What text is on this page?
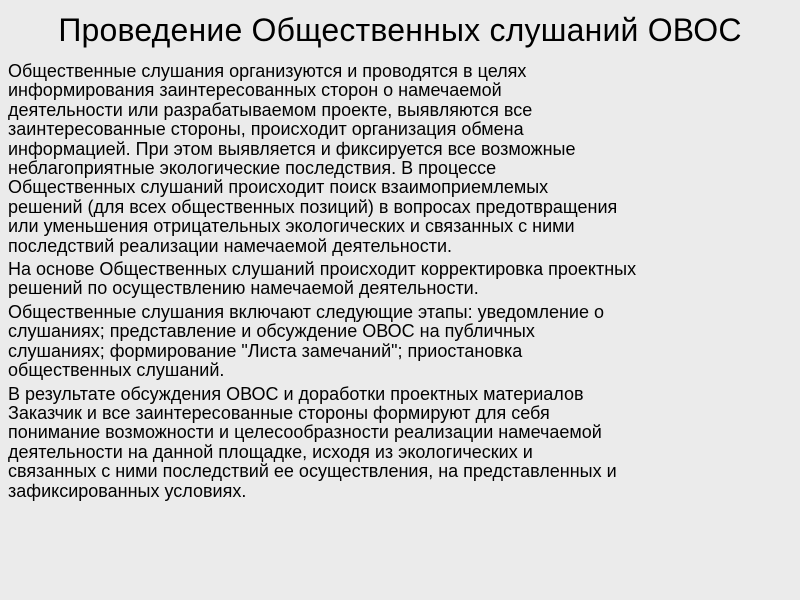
Проведение Общественных слушаний ОВОС

Общественные слушания организуются и проводятся в целях
информирования заинтересованных сторон о намечаемой
деятельности или разрабатываемом проекте, выявляются все
заинтересованные стороны, происходит организация обмена
информацией. При этом выявляется и фиксируется все возможные
неблагоприятные экологические последствия. В процессе
Общественных слушаний происходит поиск взаимоприемлемых
решений (для всех общественных позиций) в вопросах предотвращения
или уменьшения отрицательных экологических и связанных с ними
последствий реализации намечаемой деятельности.

На основе Общественных слушаний происходит корректировка проектных
решений по осуществлению намечаемой деятельности.

Общественные слушания включают следующие этапы: уведомление о
слушаниях; представление и обсуждение ОВОС на публичных
слушаниях; формирование "Листа замечаний"; приостановка
общественных слушаний.

В результате обсуждения ОВОС и доработки проектных материалов
Заказчик и все заинтересованные стороны формируют для себя
понимание возможности и целесообразности реализации намечаемой
деятельности на данной площадке, исходя из экологических и
связанных с ними последствий ее осуществления, на представленных и
зафиксированных условиях.
